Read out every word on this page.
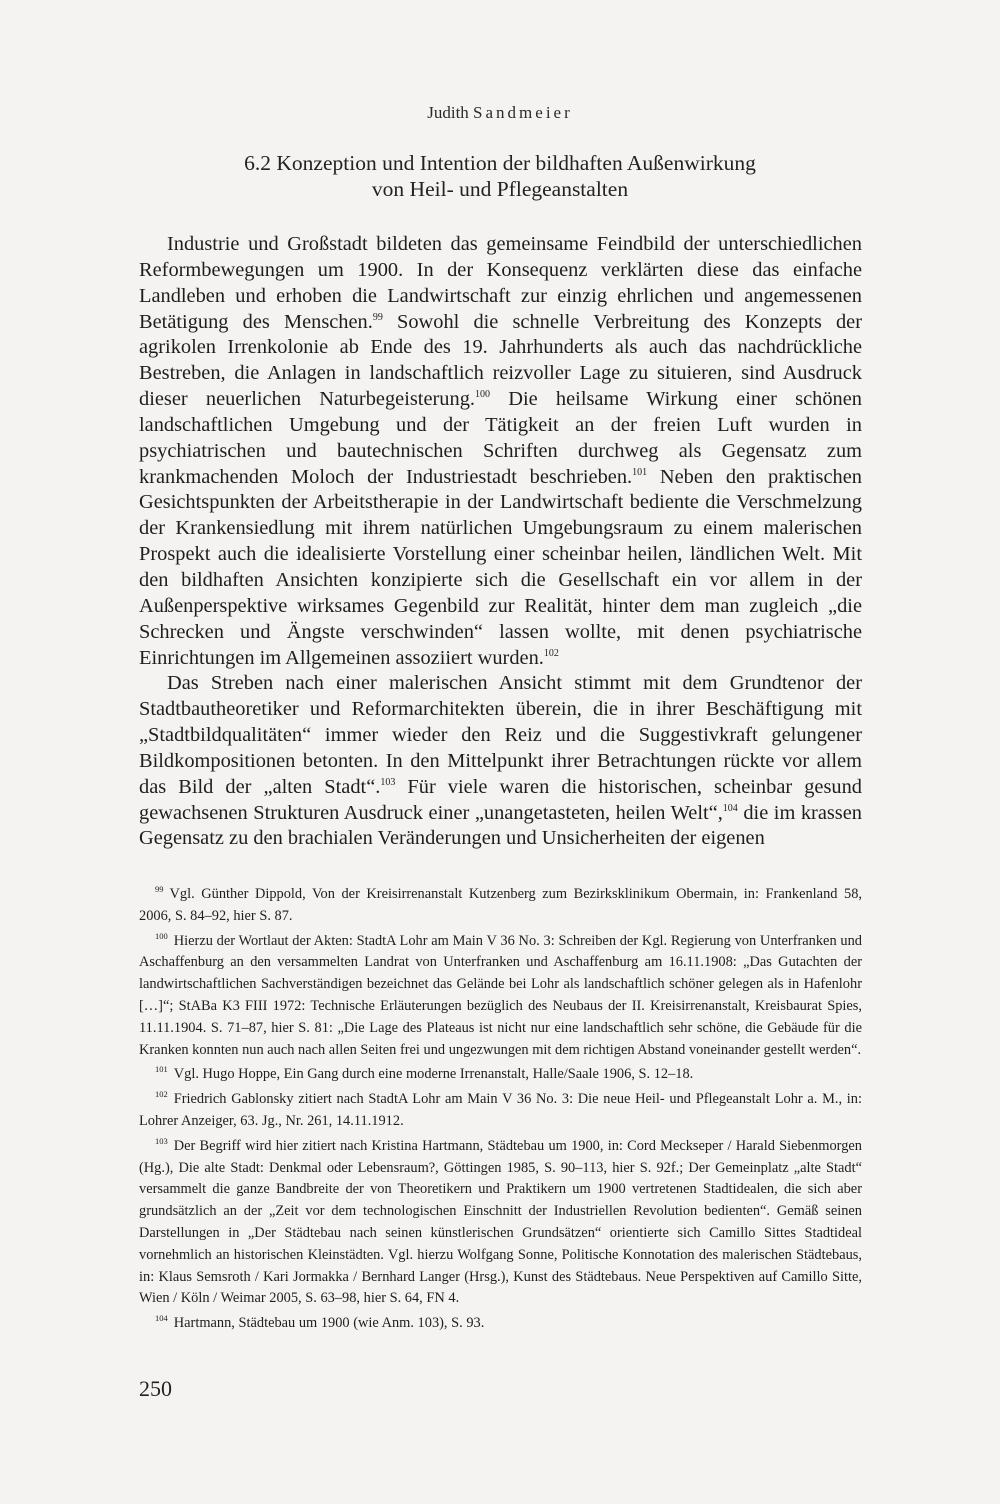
Judith Sandmeier
6.2 Konzeption und Intention der bildhaften Außenwirkung
von Heil- und Pflegeanstalten

Industrie und Großstadt bildeten das gemeinsame Feindbild der unterschiedlichen Reformbewegungen um 1900. In der Konsequenz verklärten diese das einfache Landleben und erhoben die Landwirtschaft zur einzig ehrlichen und angemessenen Betätigung des Menschen.$^{99}$ Sowohl die schnelle Verbreitung des Konzepts der agrikolen Irrenkolonie ab Ende des 19. Jahrhunderts als auch das nachdrückliche Bestreben, die Anlagen in landschaftlich reizvoller Lage zu situieren, sind Ausdruck dieser neuerlichen Naturbegeisterung.$^{100}$ Die heilsame Wirkung einer schönen landschaftlichen Umgebung und der Tätigkeit an der freien Luft wurden in psychiatrischen und bautechnischen Schriften durchweg als Gegensatz zum krankmachenden Moloch der Industriestadt beschrieben.$^{101}$ Neben den praktischen Gesichtspunkten der Arbeitstherapie in der Landwirtschaft bediente die Verschmelzung der Krankensiedlung mit ihrem natürlichen Umgebungsraum zu einem malerischen Prospekt auch die idealisierte Vorstellung einer scheinbar heilen, ländlichen Welt. Mit den bildhaften Ansichten konzipierte sich die Gesellschaft ein vor allem in der Außenperspektive wirksames Gegenbild zur Realität, hinter dem man zugleich „die Schrecken und Ängste verschwinden“ lassen wollte, mit denen psychiatrische Einrichtungen im Allgemeinen assoziiert wurden.$^{102}$

Das Streben nach einer malerischen Ansicht stimmt mit dem Grundtenor der Stadtbautheoretiker und Reformarchitekten überein, die in ihrer Beschäftigung mit „Stadtbildqualitäten“ immer wieder den Reiz und die Suggestivkraft gelungener Bildkompositionen betonten. In den Mittelpunkt ihrer Betrachtungen rückte vor allem das Bild der „alten Stadt“.$^{103}$ Für viele waren die historischen, scheinbar gesund gewachsenen Strukturen Ausdruck einer „unangetasteten, heilen Welt“,$^{104}$ die im krassen Gegensatz zu den brachialen Veränderungen und Unsicherheiten der eigenen

$^{99}$ Vgl. Günther Dippold, Von der Kreisirrenanstalt Kutzenberg zum Bezirksklinikum Obermain, in: Frankenland 58, 2006, S. 84–92, hier S. 87.

$^{100}$ Hierzu der Wortlaut der Akten: StadtA Lohr am Main V 36 No. 3: Schreiben der Kgl. Regierung von Unterfranken und Aschaffenburg an den versammelten Landrat von Unterfranken und Aschaffenburg am 16.11.1908: „Das Gutachten der landwirtschaftlichen Sachverständigen bezeichnet das Gelände bei Lohr als landschaftlich schöner gelegen als in Hafenlohr […]“; StABa K3 FIII 1972: Technische Erläuterungen bezüglich des Neubaus der II. Kreisirrenanstalt, Kreisbaurat Spies, 11.11.1904. S. 71–87, hier S. 81: „Die Lage des Plateaus ist nicht nur eine landschaftlich sehr schöne, die Gebäude für die Kranken konnten nun auch nach allen Seiten frei und ungezwungen mit dem richtigen Abstand voneinander gestellt werden“.

$^{101}$ Vgl. Hugo Hoppe, Ein Gang durch eine moderne Irrenanstalt, Halle/Saale 1906, S. 12–18.

$^{102}$ Friedrich Gablonsky zitiert nach StadtA Lohr am Main V 36 No. 3: Die neue Heil- und Pflegeanstalt Lohr a. M., in: Lohrer Anzeiger, 63. Jg., Nr. 261, 14.11.1912.

$^{103}$ Der Begriff wird hier zitiert nach Kristina Hartmann, Städtebau um 1900, in: Cord Meckseper / Harald Siebenmorgen (Hg.), Die alte Stadt: Denkmal oder Lebensraum?, Göttingen 1985, S. 90–113, hier S. 92f.; Der Gemeinplatz „alte Stadt“ versammelt die ganze Bandbreite der von Theoretikern und Praktikern um 1900 vertretenen Stadtidealen, die sich aber grundsätzlich an der „Zeit vor dem technologischen Einschnitt der Industriellen Revolution bedienten“. Gemäß seinen Darstellungen in „Der Städtebau nach seinen künstlerischen Grundsätzen“ orientierte sich Camillo Sittes Stadtideal vornehmlich an historischen Kleinstädten. Vgl. hierzu Wolfgang Sonne, Politische Konnotation des malerischen Städtebaus, in: Klaus Semsroth / Kari Jormakka / Bernhard Langer (Hrsg.), Kunst des Städtebaus. Neue Perspektiven auf Camillo Sitte, Wien / Köln / Weimar 2005, S. 63–98, hier S. 64, FN 4.

$^{104}$ Hartmann, Städtebau um 1900 (wie Anm. 103), S. 93.

250
